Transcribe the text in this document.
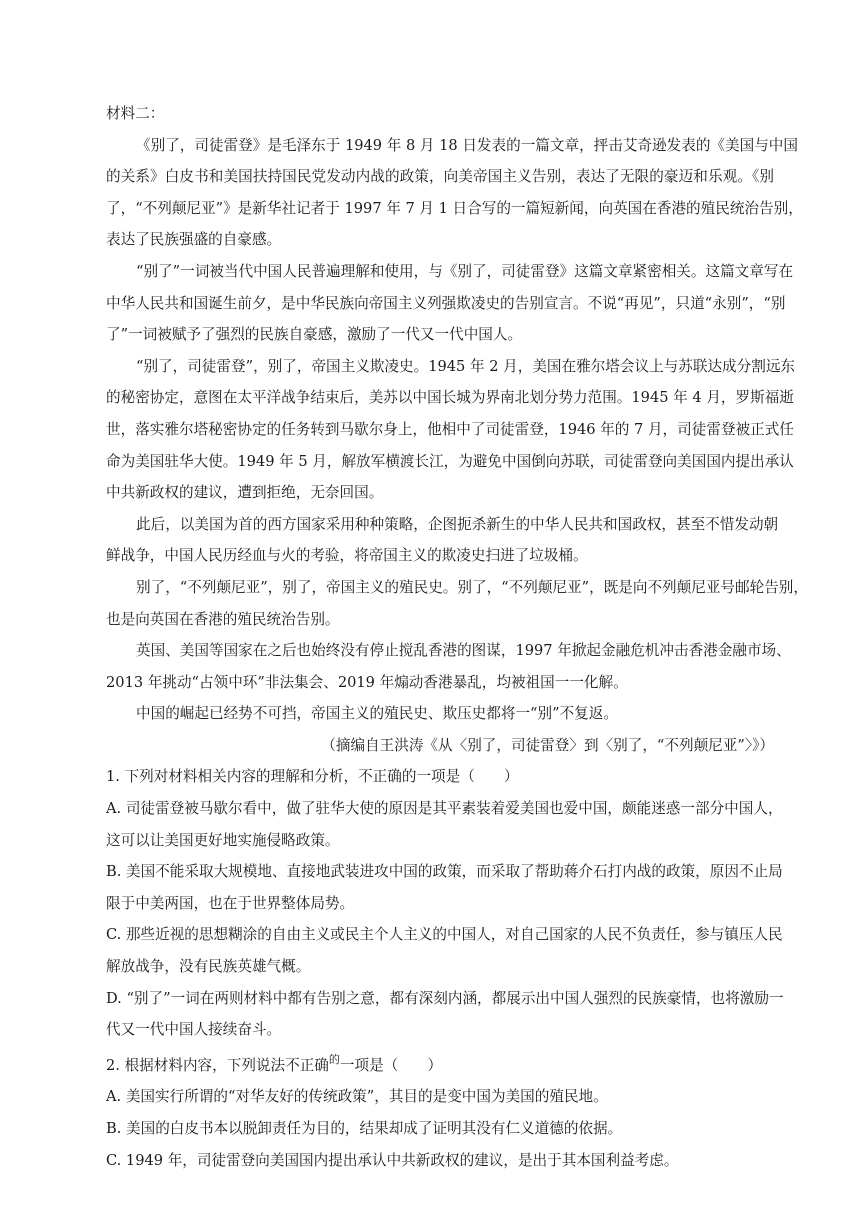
材料二：
《别了，司徒雷登》是毛泽东于 1949 年 8 月 18 日发表的一篇文章，抨击艾奇逊发表的《美国与中国
的关系》白皮书和美国扶持国民党发动内战的政策，向美帝国主义告别，表达了无限的豪迈和乐观。《别
了，“不列颠尼亚”》是新华社记者于 1997 年 7 月 1 日合写的一篇短新闻，向英国在香港的殖民统治告别，
表达了民族强盛的自豪感。
“别了”一词被当代中国人民普遍理解和使用，与《别了，司徒雷登》这篇文章紧密相关。这篇文章写在
中华人民共和国诞生前夕，是中华民族向帝国主义列强欺凌史的告别宣言。不说“再见”，只道“永别”，“别
了”一词被赋予了强烈的民族自豪感，激励了一代又一代中国人。
“别了，司徒雷登”，别了，帝国主义欺凌史。1945 年 2 月，美国在雅尔塔会议上与苏联达成分割远东
的秘密协定，意图在太平洋战争结束后，美苏以中国长城为界南北划分势力范围。1945 年 4 月，罗斯福逝
世，落实雅尔塔秘密协定的任务转到马歇尔身上，他相中了司徒雷登，1946 年的 7 月，司徒雷登被正式任
命为美国驻华大使。1949 年 5 月，解放军横渡长江，为避免中国倒向苏联，司徒雷登向美国国内提出承认
中共新政权的建议，遭到拒绝，无奈回国。
此后，以美国为首的西方国家采用种种策略，企图扼杀新生的中华人民共和国政权，甚至不惜发动朝
鲜战争，中国人民历经血与火的考验，将帝国主义的欺凌史扫进了垃圾桶。
别了，“不列颠尼亚”，别了，帝国主义的殖民史。别了，“不列颠尼亚”，既是向不列颠尼亚号邮轮告别，
也是向英国在香港的殖民统治告别。
英国、美国等国家在之后也始终没有停止搅乱香港的图谋，1997 年掀起金融危机冲击香港金融市场、
2013 年挑动“占领中环”非法集会、2019 年煽动香港暴乱，均被祖国一一化解。
中国的崛起已经势不可挡，帝国主义的殖民史、欺压史都将一“别”不复返。
（摘编自王洪涛《从〈别了，司徒雷登〉到〈别了，“不列颠尼亚”〉》）
1. 下列对材料相关内容的理解和分析，不正确的一项是（　　）
A. 司徒雷登被马歇尔看中，做了驻华大使的原因是其平素装着爱美国也爱中国，颇能迷惑一部分中国人，
这可以让美国更好地实施侵略政策。
B. 美国不能采取大规模地、直接地武装进攻中国的政策，而采取了帮助蒋介石打内战的政策，原因不止局
限于中美两国，也在于世界整体局势。
C. 那些近视的思想糊涂的自由主义或民主个人主义的中国人，对自己国家的人民不负责任，参与镇压人民
解放战争，没有民族英雄气概。
D. “别了”一词在两则材料中都有告别之意，都有深刻内涵，都展示出中国人强烈的民族豪情，也将激励一
代又一代中国人接续奋斗。
2. 根据材料内容，下列说法不正确$^的$一项是（　　）
A. 美国实行所谓的“对华友好的传统政策”，其目的是变中国为美国的殖民地。
B. 美国的白皮书本以脱卸责任为目的，结果却成了证明其没有仁义道德的依据。
C. 1949 年，司徒雷登向美国国内提出承认中共新政权的建议，是出于其本国利益考虑。
